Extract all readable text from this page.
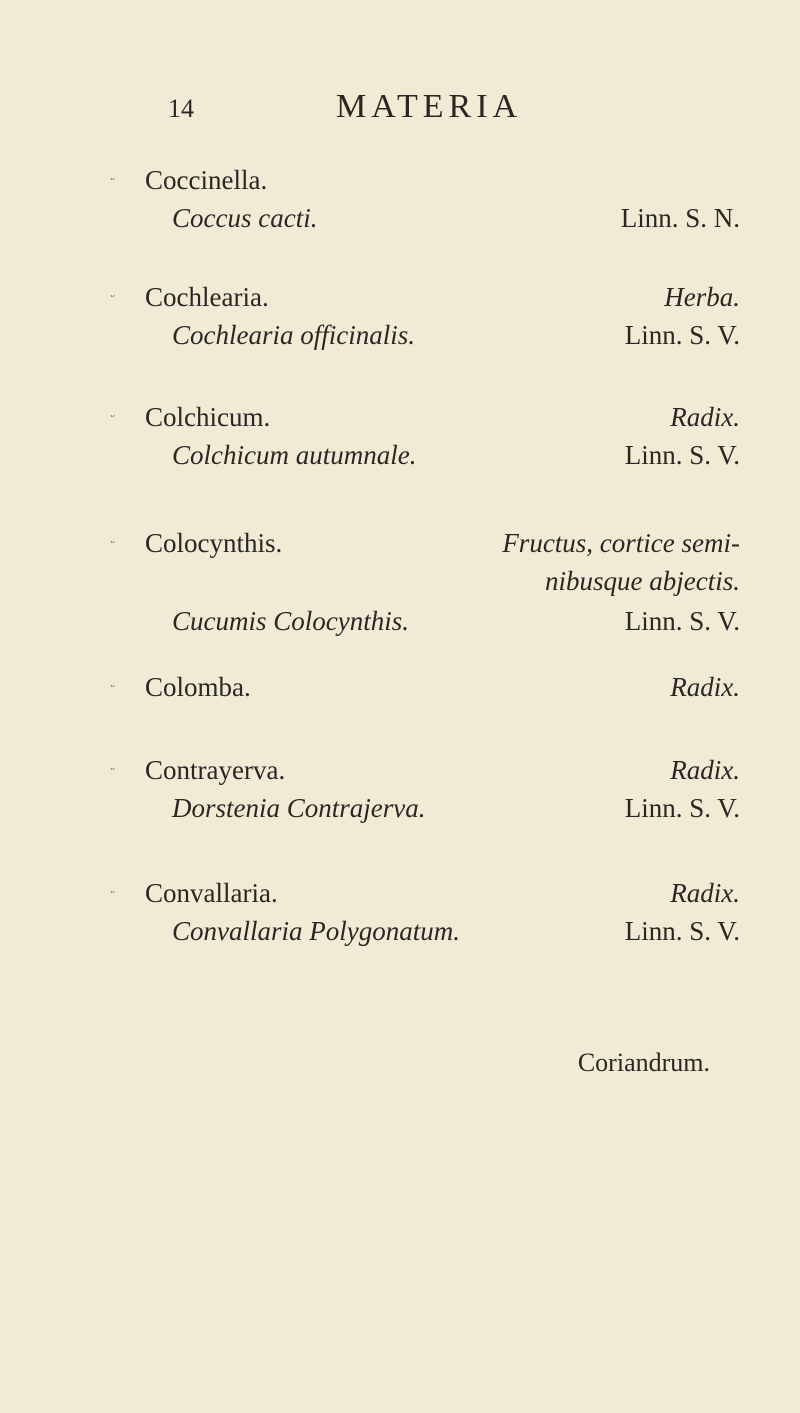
14	MATERIA
ᵕ Coccinella.
Coccus cacti.	Linn. S. N.
ᵕ Cochlearia.	Herba.
Cochlearia officinalis.	Linn. S. V.
ᵕ Colchicum.	Radix.
Colchicum autumnale.	Linn. S. V.
ᵕ Colocynthis.	Fructus, cortice semi-
nibusque abjectis.
Cucumis Colocynthis.	Linn. S. V.
ᵕ Colomba.	Radix.
ᵕ Contrayerva.	Radix.
Dorstenia Contrajerva.	Linn. S. V.
ᵕ Convallaria.	Radix.
Convallaria Polygonatum.	Linn. S. V.
Coriandrum.
